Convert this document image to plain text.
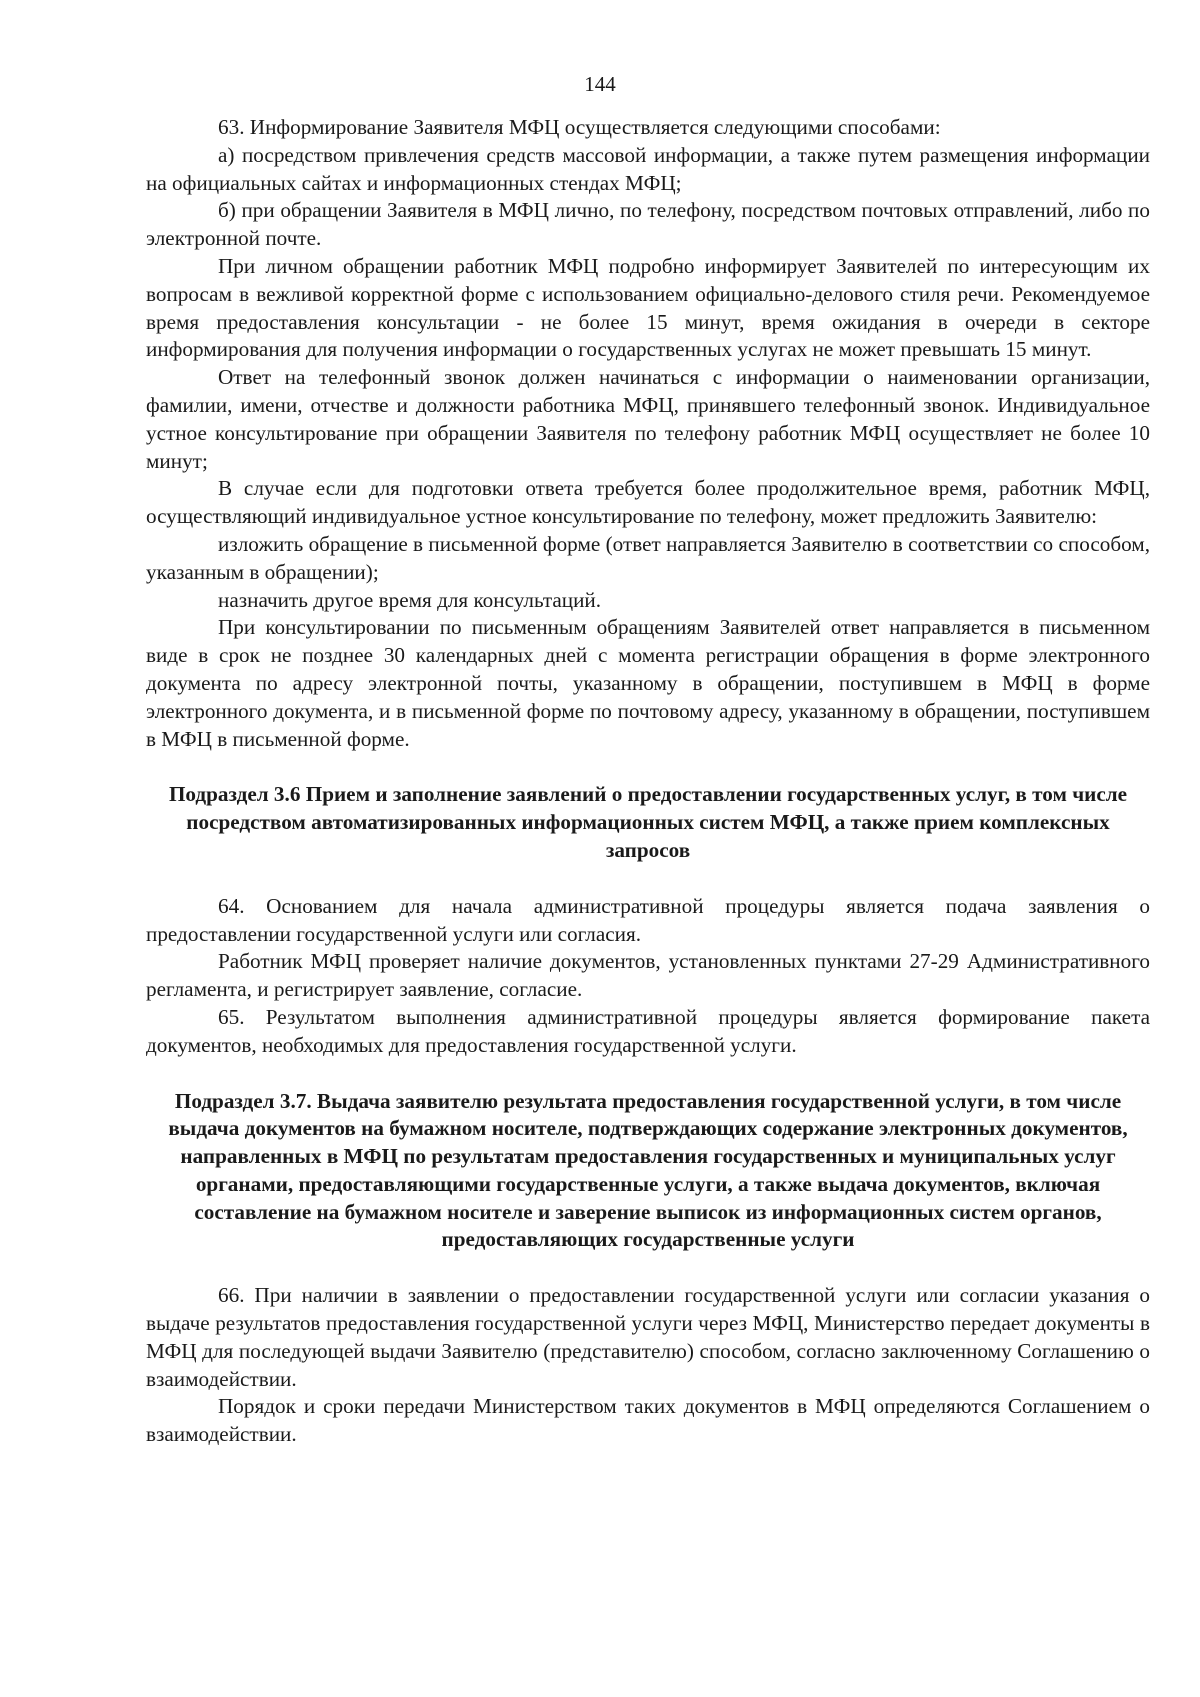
144

63. Информирование Заявителя МФЦ осуществляется следующими способами:

а) посредством привлечения средств массовой информации, а также путем размещения информации на официальных сайтах и информационных стендах МФЦ;

б) при обращении Заявителя в МФЦ лично, по телефону, посредством почтовых отправлений, либо по электронной почте.

При личном обращении работник МФЦ подробно информирует Заявителей по интересующим их вопросам в вежливой корректной форме с использованием официально-делового стиля речи. Рекомендуемое время предоставления консультации - не более 15 минут, время ожидания в очереди в секторе информирования для получения информации о государственных услугах не может превышать 15 минут.

Ответ на телефонный звонок должен начинаться с информации о наименовании организации, фамилии, имени, отчестве и должности работника МФЦ, принявшего телефонный звонок. Индивидуальное устное консультирование при обращении Заявителя по телефону работник МФЦ осуществляет не более 10 минут;

В случае если для подготовки ответа требуется более продолжительное время, работник МФЦ, осуществляющий индивидуальное устное консультирование по телефону, может предложить Заявителю:

изложить обращение в письменной форме (ответ направляется Заявителю в соответствии со способом, указанным в обращении);

назначить другое время для консультаций.

При консультировании по письменным обращениям Заявителей ответ направляется в письменном виде в срок не позднее 30 календарных дней с момента регистрации обращения в форме электронного документа по адресу электронной почты, указанному в обращении, поступившем в МФЦ в форме электронного документа, и в письменной форме по почтовому адресу, указанному в обращении, поступившем в МФЦ в письменной форме.

Подраздел 3.6 Прием и заполнение заявлений о предоставлении государственных услуг, в том числе посредством автоматизированных информационных систем МФЦ, а также прием комплексных запросов

64. Основанием для начала административной процедуры является подача заявления о предоставлении государственной услуги или согласия.

Работник МФЦ проверяет наличие документов, установленных пунктами 27-29 Административного регламента, и регистрирует заявление, согласие.

65. Результатом выполнения административной процедуры является формирование пакета документов, необходимых для предоставления государственной услуги.

Подраздел 3.7. Выдача заявителю результата предоставления государственной услуги, в том числе выдача документов на бумажном носителе, подтверждающих содержание электронных документов, направленных в МФЦ по результатам предоставления государственных и муниципальных услуг органами, предоставляющими государственные услуги, а также выдача документов, включая составление на бумажном носителе и заверение выписок из информационных систем органов, предоставляющих государственные услуги

66. При наличии в заявлении о предоставлении государственной услуги или согласии указания о выдаче результатов предоставления государственной услуги через МФЦ, Министерство передает документы в МФЦ для последующей выдачи Заявителю (представителю) способом, согласно заключенному Соглашению о взаимодействии.

Порядок и сроки передачи Министерством таких документов в МФЦ определяются Соглашением о взаимодействии.
